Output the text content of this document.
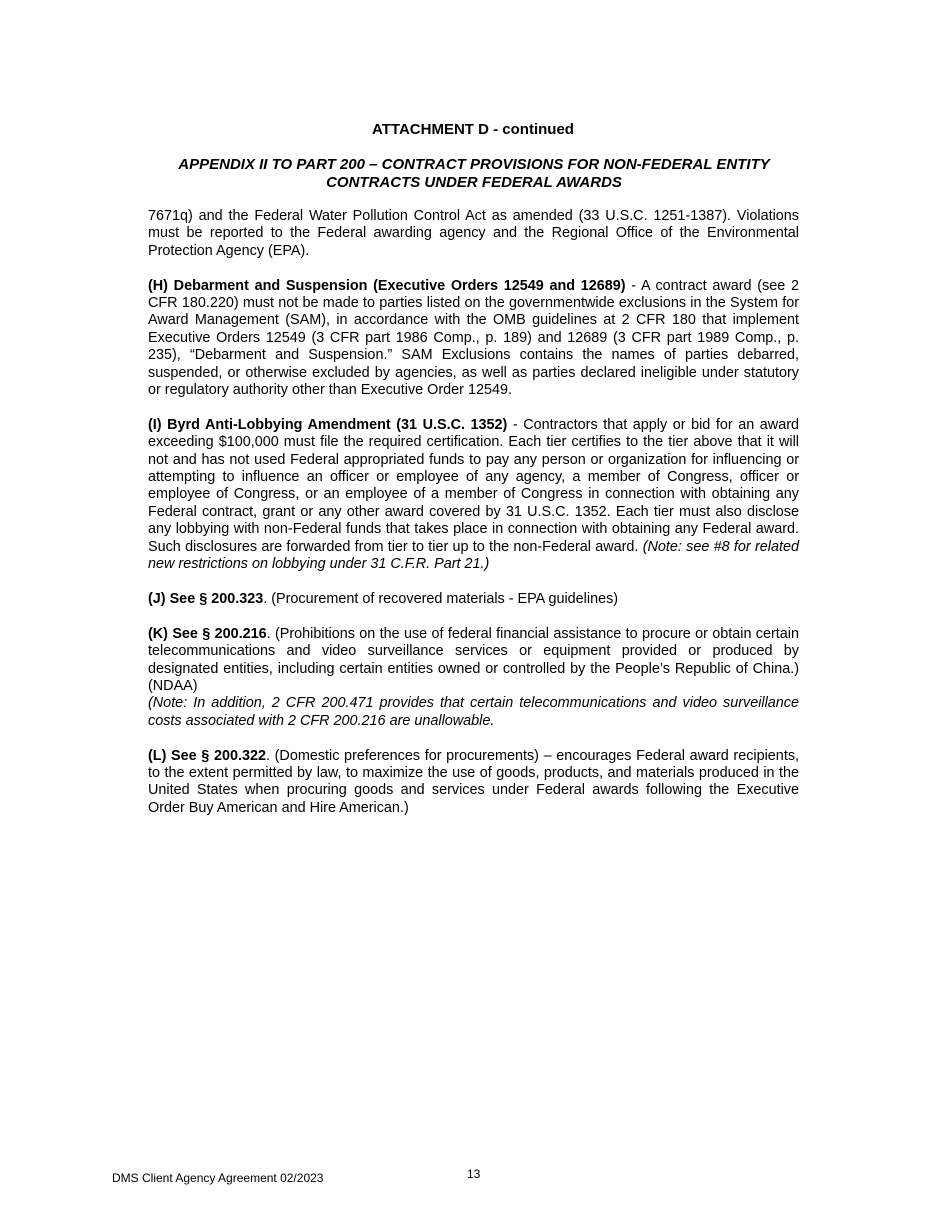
ATTACHMENT D - continued
APPENDIX II TO PART 200 – CONTRACT PROVISIONS FOR NON-FEDERAL ENTITY CONTRACTS UNDER FEDERAL AWARDS

7671q) and the Federal Water Pollution Control Act as amended (33 U.S.C. 1251-1387). Violations must be reported to the Federal awarding agency and the Regional Office of the Environmental Protection Agency (EPA).

(H) Debarment and Suspension (Executive Orders 12549 and 12689) - A contract award (see 2 CFR 180.220) must not be made to parties listed on the governmentwide exclusions in the System for Award Management (SAM), in accordance with the OMB guidelines at 2 CFR 180 that implement Executive Orders 12549 (3 CFR part 1986 Comp., p. 189) and 12689 (3 CFR part 1989 Comp., p. 235), “Debarment and Suspension.” SAM Exclusions contains the names of parties debarred, suspended, or otherwise excluded by agencies, as well as parties declared ineligible under statutory or regulatory authority other than Executive Order 12549.

(I) Byrd Anti-Lobbying Amendment (31 U.S.C. 1352) - Contractors that apply or bid for an award exceeding $100,000 must file the required certification. Each tier certifies to the tier above that it will not and has not used Federal appropriated funds to pay any person or organization for influencing or attempting to influence an officer or employee of any agency, a member of Congress, officer or employee of Congress, or an employee of a member of Congress in connection with obtaining any Federal contract, grant or any other award covered by 31 U.S.C. 1352. Each tier must also disclose any lobbying with non-Federal funds that takes place in connection with obtaining any Federal award. Such disclosures are forwarded from tier to tier up to the non-Federal award. (Note: see #8 for related new restrictions on lobbying under 31 C.F.R. Part 21.)

(J) See § 200.323. (Procurement of recovered materials - EPA guidelines)

(K) See § 200.216. (Prohibitions on the use of federal financial assistance to procure or obtain certain telecommunications and video surveillance services or equipment provided or produced by designated entities, including certain entities owned or controlled by the People’s Republic of China.) (NDAA)
(Note: In addition, 2 CFR 200.471 provides that certain telecommunications and video surveillance costs associated with 2 CFR 200.216 are unallowable.

(L) See § 200.322. (Domestic preferences for procurements) – encourages Federal award recipients, to the extent permitted by law, to maximize the use of goods, products, and materials produced in the United States when procuring goods and services under Federal awards following the Executive Order Buy American and Hire American.)

DMS Client Agency Agreement 02/2023	13
